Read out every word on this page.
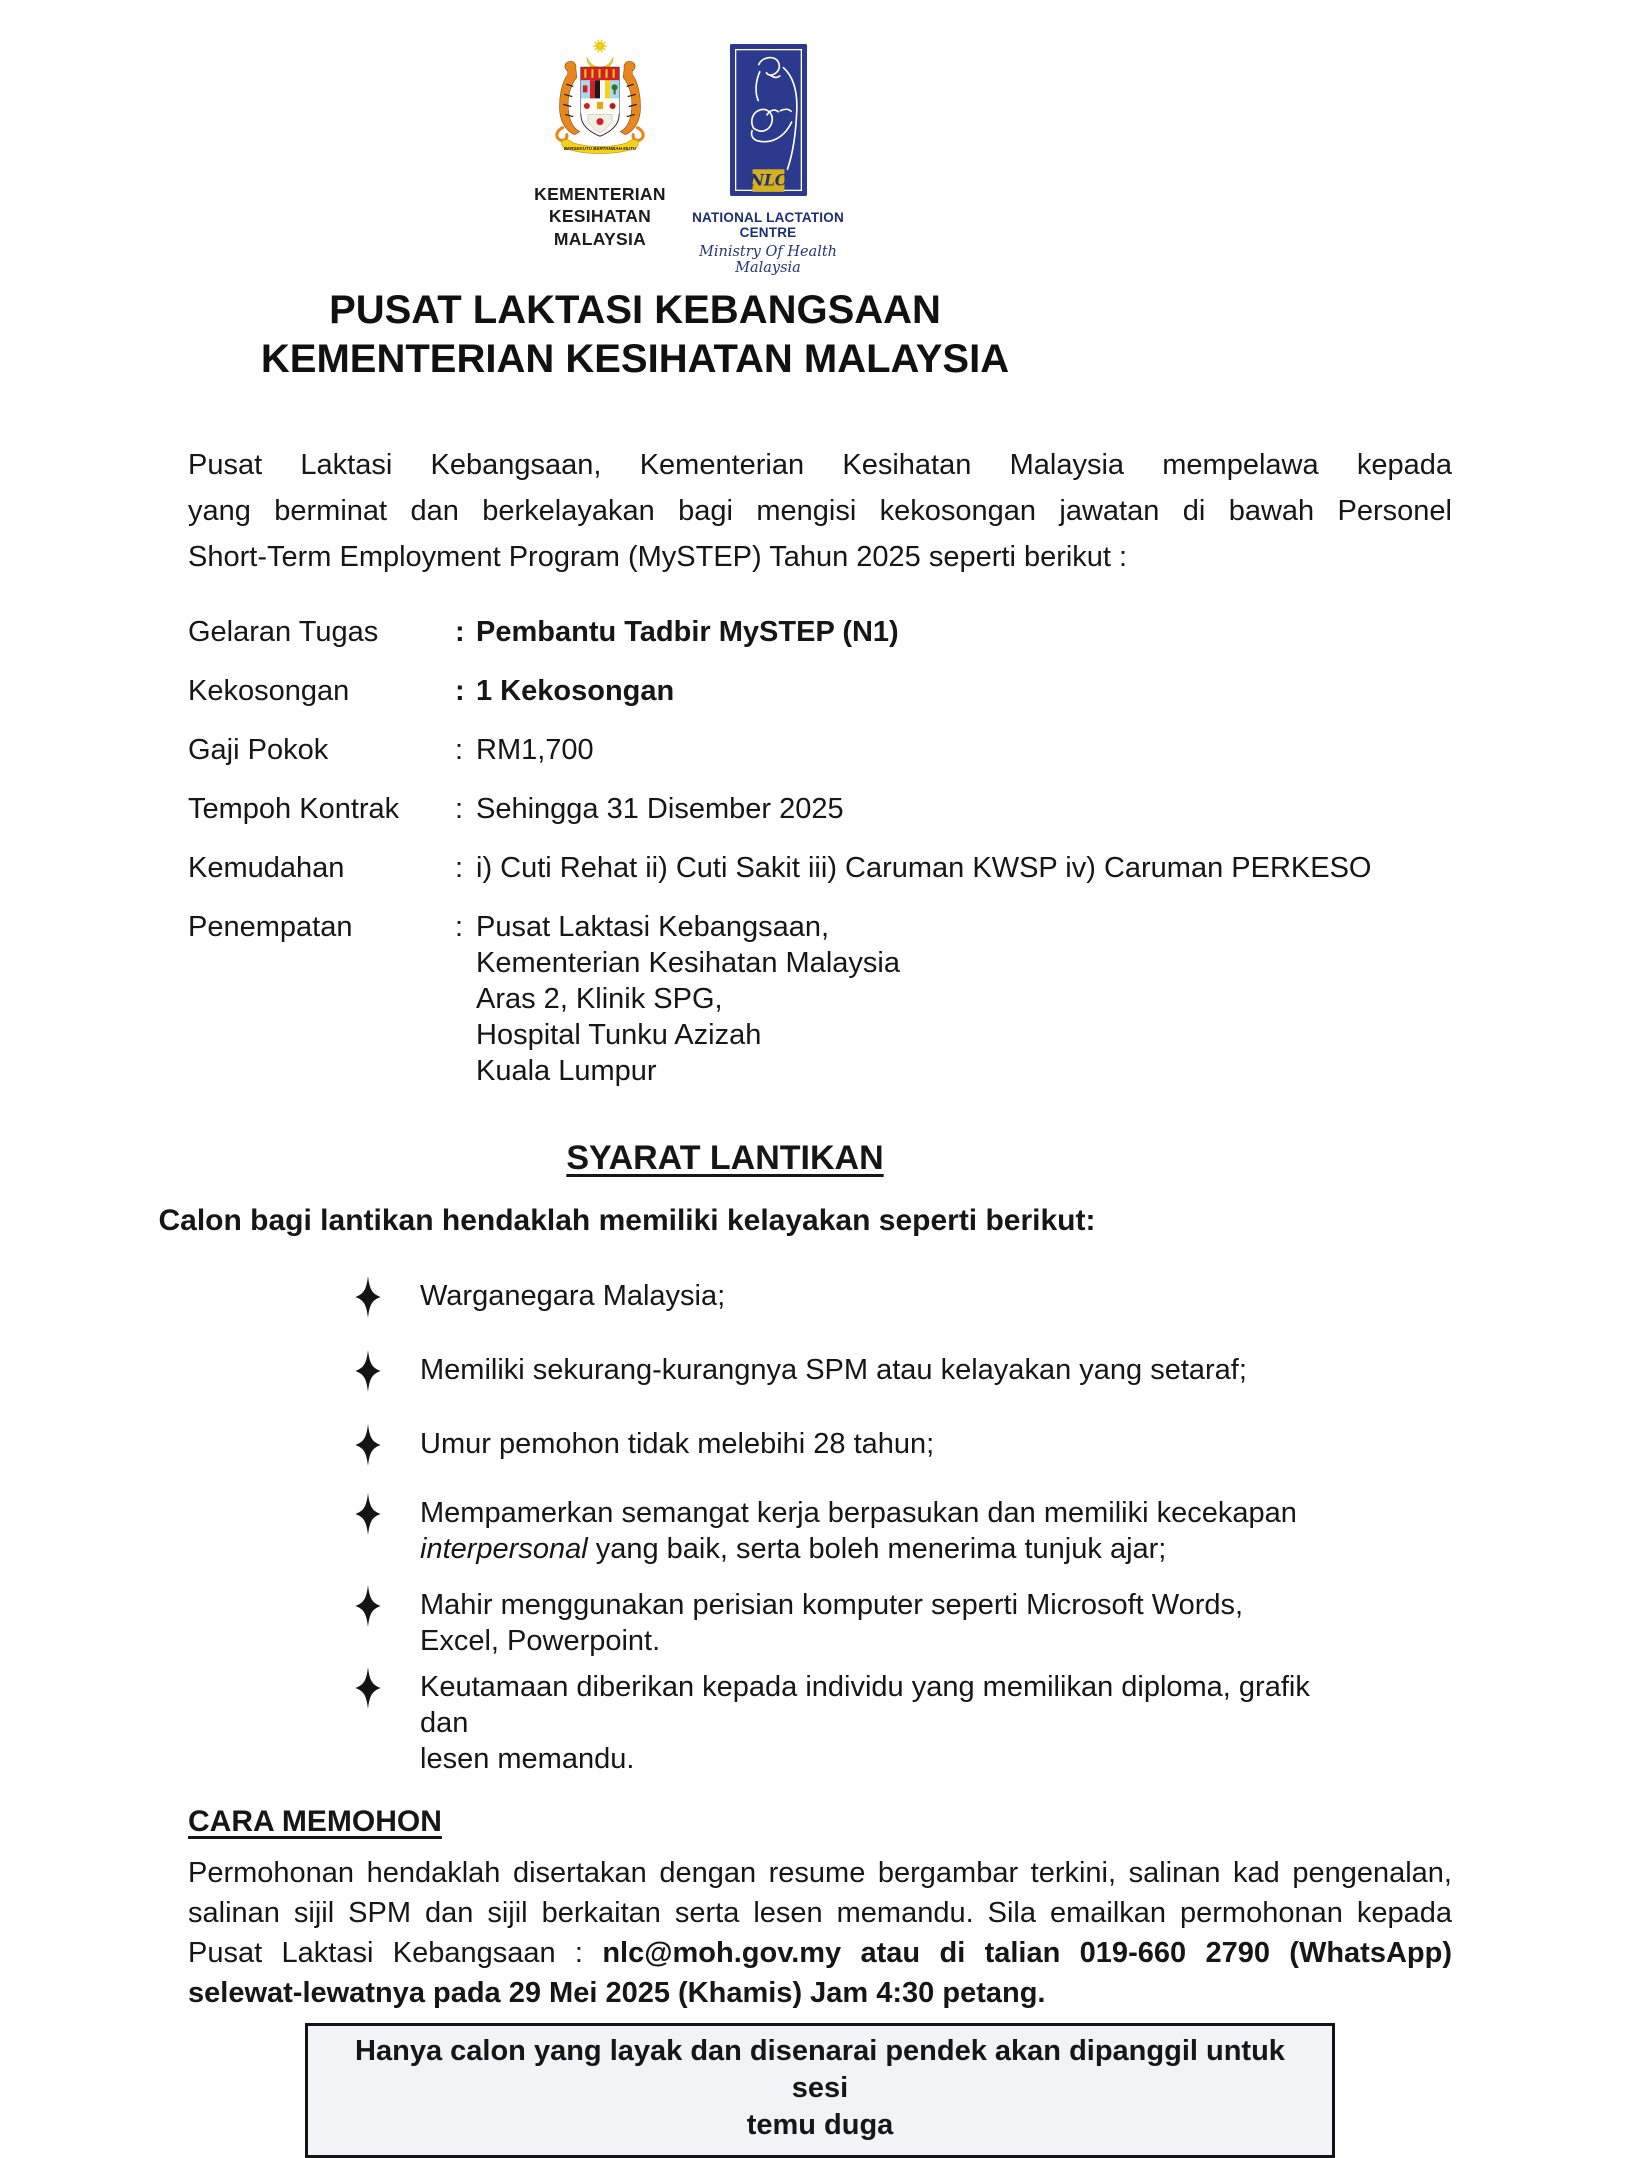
BERSEKUTU BERTAMBAH MUTU
KEMENTERIAN KESIHATAN
MALAYSIA
NLC
NATIONAL LACTATION CENTRE
Ministry Of Health Malaysia
PUSAT LAKTASI KEBANGSAAN
KEMENTERIAN KESIHATAN MALAYSIA
Pusat Laktasi Kebangsaan, Kementerian Kesihatan Malaysia mempelawa kepada
yang berminat dan berkelayakan bagi mengisi kekosongan jawatan di bawah Personel
Short-Term Employment Program (MySTEP) Tahun 2025 seperti berikut :
Gelaran Tugas	: Pembantu Tadbir MySTEP (N1)
Kekosongan	: 1 Kekosongan
Gaji Pokok	: RM1,700
Tempoh Kontrak	: Sehingga 31 Disember 2025
Kemudahan	: i) Cuti Rehat ii) Cuti Sakit iii) Caruman KWSP iv) Caruman PERKESO
Penempatan	: Pusat Laktasi Kebangsaan,
Kementerian Kesihatan Malaysia
Aras 2, Klinik SPG,
Hospital Tunku Azizah
Kuala Lumpur
SYARAT LANTIKAN
Calon bagi lantikan hendaklah memiliki kelayakan seperti berikut:
Warganegara Malaysia;
Memiliki sekurang-kurangnya SPM atau kelayakan yang setaraf;
Umur pemohon tidak melebihi 28 tahun;
Mempamerkan semangat kerja berpasukan dan memiliki kecekapan
interpersonal yang baik, serta boleh menerima tunjuk ajar;
Mahir menggunakan perisian komputer seperti Microsoft Words,
Excel, Powerpoint.
Keutamaan diberikan kepada individu yang memilikan diploma, grafik dan
lesen memandu.
CARA MEMOHON
Permohonan hendaklah disertakan dengan resume bergambar terkini, salinan kad pengenalan,
salinan sijil SPM dan sijil berkaitan serta lesen memandu. Sila emailkan permohonan kepada
Pusat Laktasi Kebangsaan : nlc@moh.gov.my atau di talian 019-660 2790 (WhatsApp)
selewat-lewatnya pada 29 Mei 2025 (Khamis) Jam 4:30 petang.
Hanya calon yang layak dan disenarai pendek akan dipanggil untuk sesi
temu duga
